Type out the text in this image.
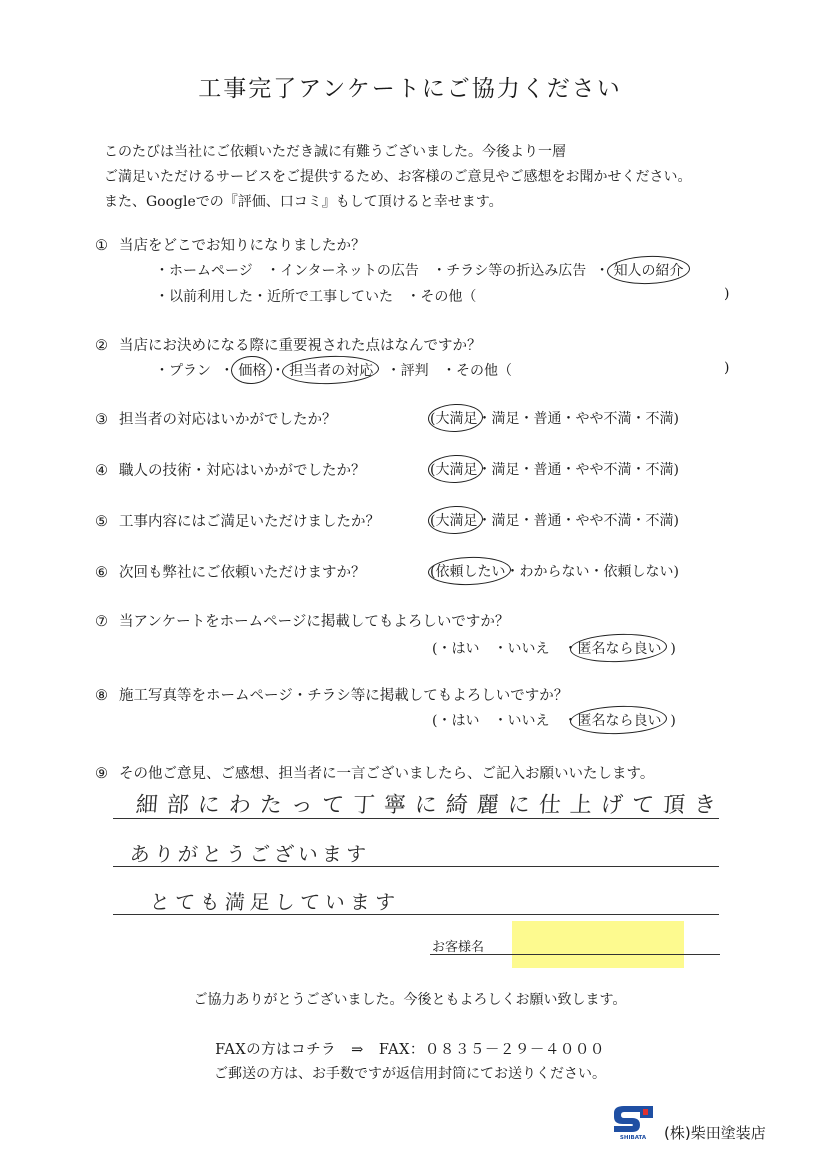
工事完了アンケートにご協力ください
このたびは当社にご依頼いただき誠に有難うございました。今後より一層
ご満足いただけるサービスをご提供するため、お客様のご意見やご感想をお聞かせください。
また、Googleでの『評価、口コミ』もして頂けると幸せます。
① 当店をどこでお知りになりましたか？
・ホームページ ・インターネットの広告 ・チラシ等の折込み広告 ・ 知人の紹介
・以前利用した・近所で工事していた ・その他（	)
② 当店にお決めになる際に重要視された点はなんですか？
・プラン ・ 価格 ・ 担当者の対応 ・評判 ・その他（	)
③ 担当者の対応はいかがでしたか？	(大満足・満足・普通・やや不満・不満)
④ 職人の技術・対応はいかがでしたか？	(大満足・満足・普通・やや不満・不満)
⑤ 工事内容にはご満足いただけましたか？	(大満足・満足・普通・やや不満・不満)
⑥ 次回も弊社にご依頼いただけますか？	(依頼したい・わからない・依頼しない)
⑦ 当アンケートをホームページに掲載してもよろしいですか？
(・はい　・いいえ　・匿名なら良い )
⑧ 施工写真等をホームページ・チラシ等に掲載してもよろしいですか？
(・はい　・いいえ　・匿名なら良い )
⑨ その他ご意見、ご感想、担当者に一言ございましたら、ご記入お願いいたします。
細部にわたって丁寧に綺麗に仕上げて頂き
ありがとうございます
とても満足しています
お客様名
ご協力ありがとうございました。今後ともよろしくお願い致します。
FAXの方はコチラ　⇒　FAX：０８３５－２９－４０００
ご郵送の方は、お手数ですが返信用封筒にてお送りください。
SHIBATA (株)柴田塗装店
